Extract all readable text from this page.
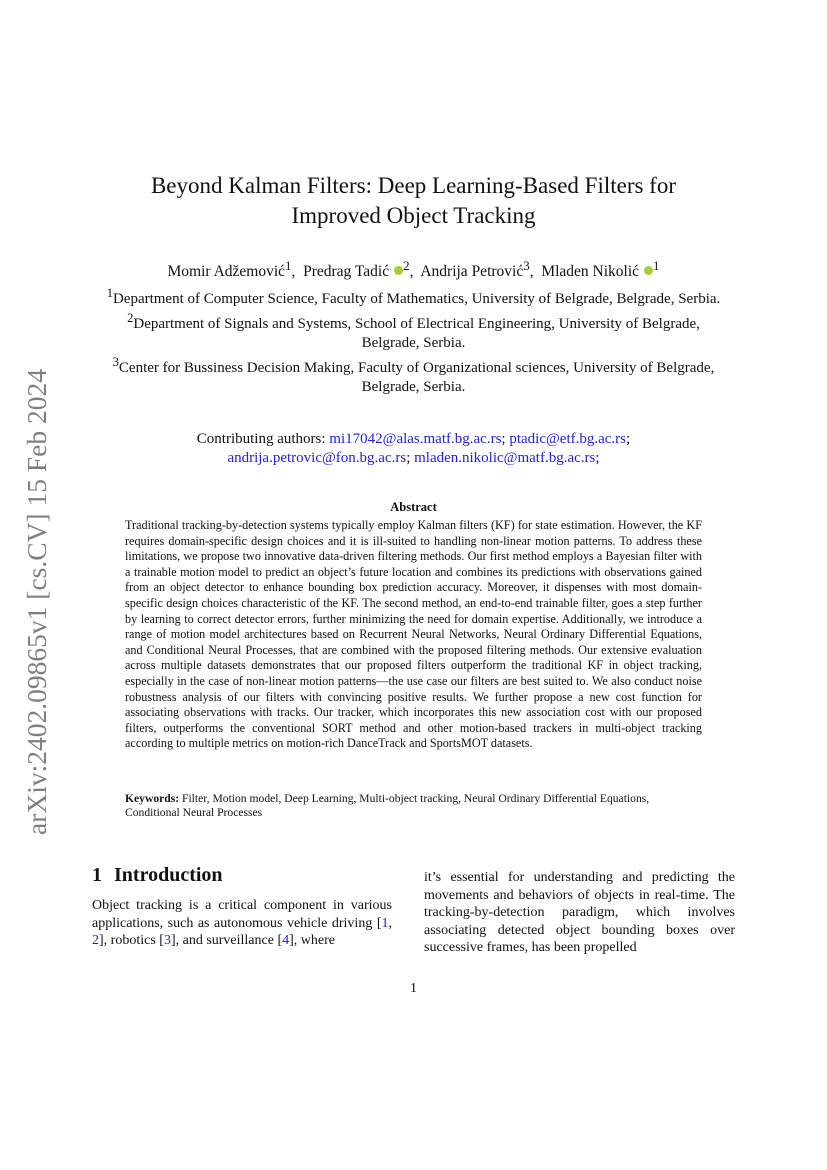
arXiv:2402.09865v1 [cs.CV] 15 Feb 2024
Beyond Kalman Filters: Deep Learning-Based Filters for
Improved Object Tracking
Momir Adžemović$^1$,  Predrag Tadić $^2$,  Andrija Petrović$^3$,  Mladen Nikolić $^1$

$^1$Department of Computer Science, Faculty of Mathematics, University of Belgrade, Belgrade, Serbia.

$^2$Department of Signals and Systems, School of Electrical Engineering, University of Belgrade, Belgrade, Serbia.

$^3$Center for Bussiness Decision Making, Faculty of Organizational sciences, University of Belgrade, Belgrade, Serbia.

Contributing authors: mi17042@alas.matf.bg.ac.rs; ptadic@etf.bg.ac.rs;
andrija.petrovic@fon.bg.ac.rs; mladen.nikolic@matf.bg.ac.rs;
Abstract

Traditional tracking-by-detection systems typically employ Kalman filters (KF) for state estimation. However, the KF requires domain-specific design choices and it is ill-suited to handling non-linear motion patterns. To address these limitations, we propose two innovative data-driven filtering methods. Our first method employs a Bayesian filter with a trainable motion model to predict an object’s future location and combines its predictions with observations gained from an object detector to enhance bounding box prediction accuracy. Moreover, it dispenses with most domain-specific design choices characteristic of the KF. The second method, an end-to-end trainable filter, goes a step further by learning to correct detector errors, further minimizing the need for domain expertise. Additionally, we introduce a range of motion model architectures based on Recurrent Neural Networks, Neural Ordinary Differential Equations, and Conditional Neural Processes, that are combined with the proposed filtering methods. Our extensive evaluation across multiple datasets demonstrates that our proposed filters outperform the traditional KF in object tracking, especially in the case of non-linear motion patterns—the use case our filters are best suited to. We also conduct noise robustness analysis of our filters with convincing positive results. We further propose a new cost function for associating observations with tracks. Our tracker, which incorporates this new association cost with our proposed filters, outperforms the conventional SORT method and other motion-based trackers in multi-object tracking according to multiple metrics on motion-rich DanceTrack and SportsMOT datasets.

Keywords: Filter, Motion model, Deep Learning, Multi-object tracking, Neural Ordinary Differential Equations, Conditional Neural Processes

1 Introduction

Object tracking is a critical component in various applications, such as autonomous vehicle driving [1, 2], robotics [3], and surveillance [4], where

it’s essential for understanding and predicting the movements and behaviors of objects in real-time. The tracking-by-detection paradigm, which involves associating detected object bounding boxes over successive frames, has been propelled

1
